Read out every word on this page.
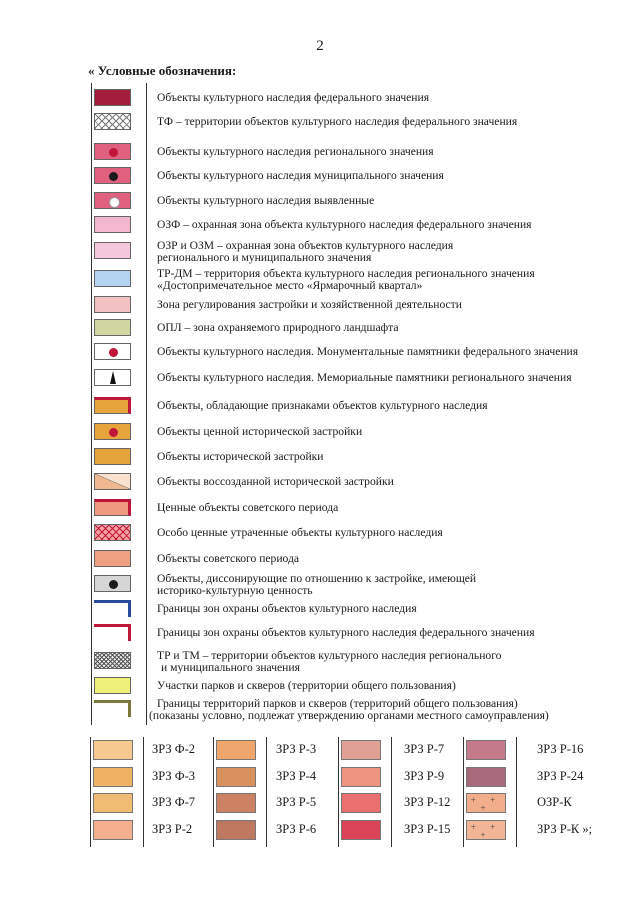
2
« Условные обозначения:
Объекты культурного наследия федерального значения
ТФ – территории объектов культурного наследия федерального значения
Объекты культурного наследия регионального значения
Объекты культурного наследия муниципального значения
Объекты культурного наследия выявленные
ОЗФ – охранная зона объекта культурного наследия федерального значения
ОЗР и ОЗМ – охранная зона объектов культурного наследия
регионального и муниципального значения
ТР-ДМ – территория объекта культурного наследия регионального значения
«Достопримечательное место «Ярмарочный квартал»
Зона регулирования застройки и хозяйственной деятельности
ОПЛ – зона охраняемого природного ландшафта
Объекты культурного наследия. Монументальные памятники федерального значения
Объекты культурного наследия. Мемориальные памятники регионального значения
Объекты, обладающие признаками объектов культурного наследия
Объекты ценной исторической застройки
Объекты исторической застройки
Объекты воссозданной исторической застройки
Ценные объекты советского периода
Особо ценные утраченные объекты культурного наследия
Объекты советского периода
Объекты, диссонирующие по отношению к застройке, имеющей
историко-культурную ценность
Границы зон охраны объектов культурного наследия
Границы зон охраны объектов культурного наследия федерального значения
ТР и ТМ – территории объектов культурного наследия регионального
и муниципального значения
Участки парков и скверов (территории общего пользования)
Границы территорий парков и скверов (территорий общего пользования)
(показаны условно, подлежат утверждению органами местного самоуправления)
ЗРЗ Ф-2
ЗРЗ Ф-3
ЗРЗ Ф-7
ЗРЗ Р-2
ЗРЗ Р-3
ЗРЗ Р-4
ЗРЗ Р-5
ЗРЗ Р-6
ЗРЗ Р-7
ЗРЗ Р-9
ЗРЗ Р-12
ЗРЗ Р-15
ЗРЗ Р-16
ЗРЗ Р-24
+ + +	ОЗР-К
+ + +	ЗРЗ Р-К »;
